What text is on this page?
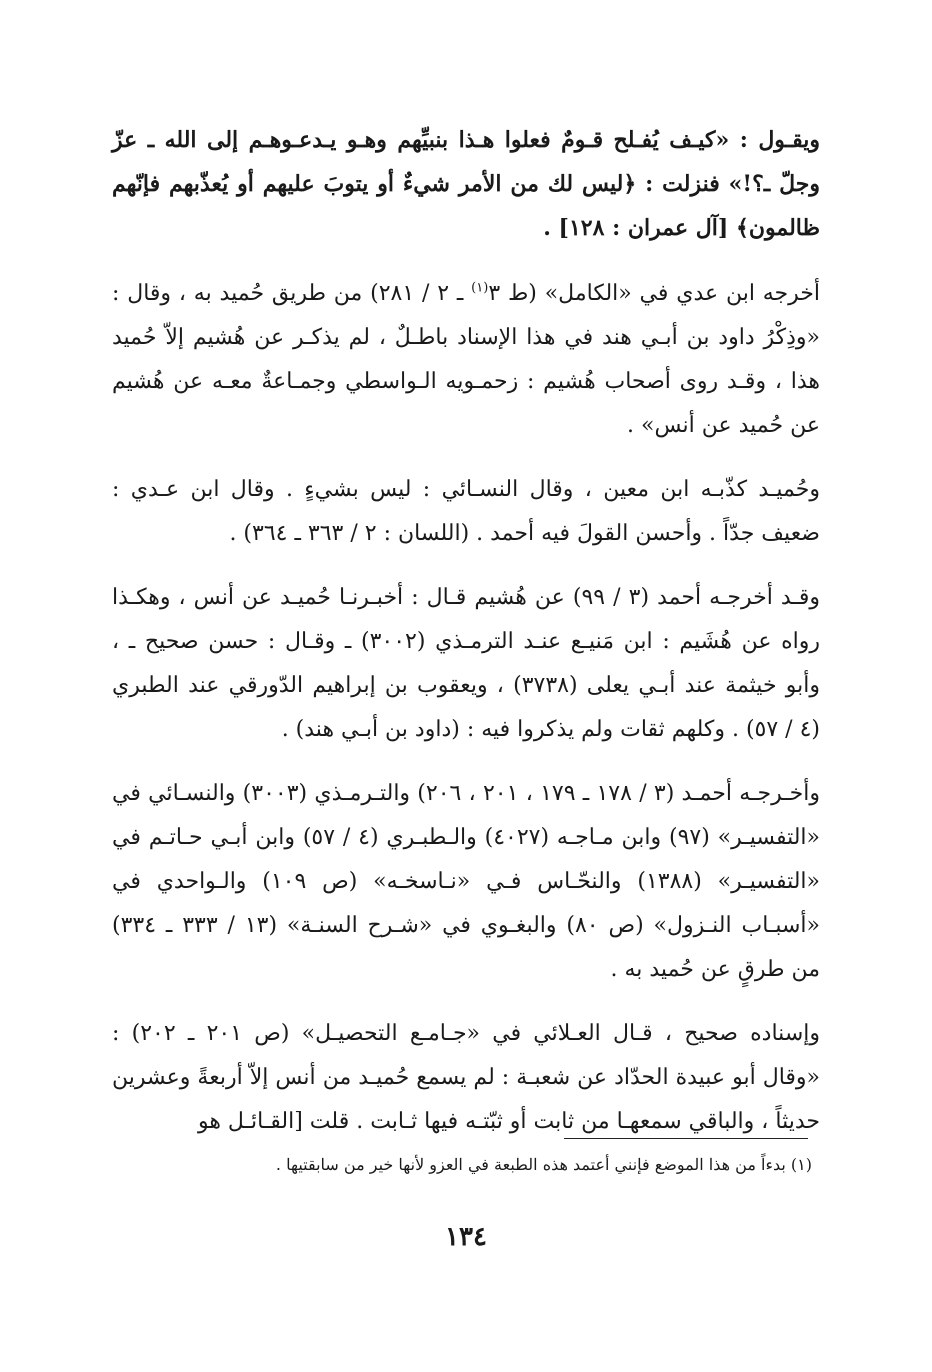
ويقـول : «كيـف يُفـلح قـومٌ فعلوا هـذا بنبيِّهم وهـو يـدعـوهـم إلى الله ـ عزّ وجلّ ـ؟!» فنزلت : ﴿ليس لك من الأمر شيءٌ أو يتوبَ عليهم أو يُعذّبهم فإنّهم ظالمون﴾ [آل عمران : ١٢٨] .

أخرجه ابن عدي في «الكامل» (ط ٣$^{(١)}$ ـ ٢ / ٢٨١) من طريق حُميد به ، وقال : «وذِكْرُ داود بن أبـي هند في هذا الإسناد باطـلٌ ، لم يذكـر عن هُشيم إلاّ حُميد هذا ، وقـد روى أصحاب هُشيم : زحمـويه الـواسطي وجمـاعةٌ معـه عن هُشيم عن حُميد عن أنس» .

وحُميـد كذّبـه ابن معين ، وقال النسـائي : ليس بشيءٍ . وقال ابن عـدي : ضعيف جدّاً . وأحسن القولَ فيه أحمد . (اللسان : ٢ / ٣٦٣ ـ ٣٦٤) .

وقـد أخرجـه أحمد (٣ / ٩٩) عن هُشيم قـال : أخبـرنـا حُميـد عن أنس ، وهكـذا رواه عن هُشَيم : ابن مَنيـع عنـد الترمـذي (٣٠٠٢) ـ وقـال : حسن صحيح ـ ، وأبو خيثمة عند أبـي يعلى (٣٧٣٨) ، ويعقوب بن إبراهيم الدّورقي عند الطبري (٤ / ٥٧) . وكلهم ثقات ولم يذكروا فيه : (داود بن أبـي هند) .

وأخـرجـه أحمـد (٣ / ١٧٨ ـ ١٧٩ ، ٢٠١ ، ٢٠٦) والتـرمـذي (٣٠٠٣) والنسـائي في «التفسيـر» (٩٧) وابن مـاجـه (٤٠٢٧) والـطبـري (٤ / ٥٧) وابن أبـي حـاتـم في «التفسيـر» (١٣٨٨) والنحّـاس فـي «نـاسخـه» (ص ١٠٩) والـواحدي في «أسبـاب النـزول» (ص ٨٠) والبغـوي في «شـرح السنـة» (١٣ / ٣٣٣ ـ ٣٣٤) من طرقٍ عن حُميد به .

وإسناده صحيح ، قـال العـلائي في «جـامـع التحصيـل» (ص ٢٠١ ـ ٢٠٢) : «وقال أبو عبيدة الحدّاد عن شعبـة : لم يسمع حُميـد من أنس إلاّ أربعةً وعشرين حديثاً ، والباقي سمعهـا من ثابت أو ثبّتـه فيها ثـابت . قلت [القـائـل هو

(١) بدءاً من هذا الموضع فإنني أعتمد هذه الطبعة في العزو لأنها خير من سابقتيها .
١٣٤
